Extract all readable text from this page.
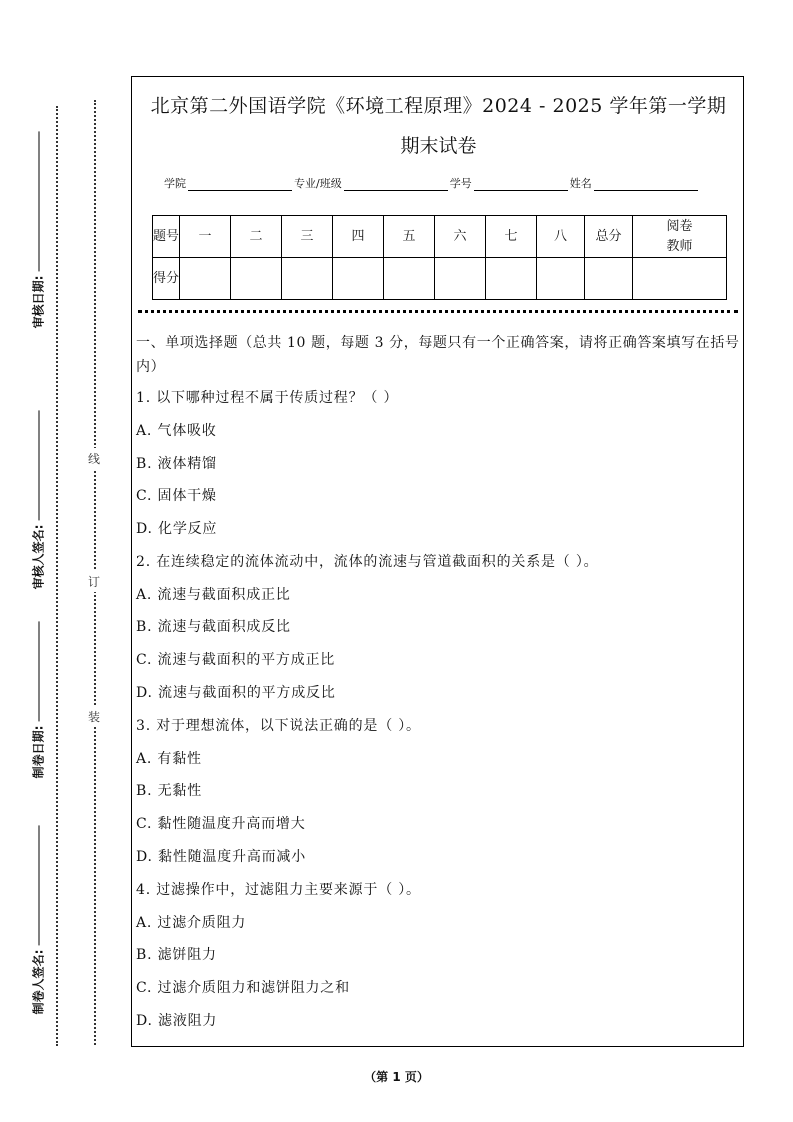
审核日期:
审核人签名:
制卷日期:
制卷人签名:
线
订
装
北京第二外国语学院《环境工程原理》2024 - 2025 学年第一学期
期末试卷
学院	专业/班级	学号	姓名
题号	一	二	三	四	五	六	七	八	总分	阅卷教师
得分										
一、单项选择题（总共 10 题，每题 3 分，每题只有一个正确答案，请将正确答案填写在括号内）
1. 以下哪种过程不属于传质过程？（ ）
A. 气体吸收
B. 液体精馏
C. 固体干燥
D. 化学反应
2. 在连续稳定的流体流动中，流体的流速与管道截面积的关系是（ ）。
A. 流速与截面积成正比
B. 流速与截面积成反比
C. 流速与截面积的平方成正比
D. 流速与截面积的平方成反比
3. 对于理想流体，以下说法正确的是（ ）。
A. 有黏性
B. 无黏性
C. 黏性随温度升高而增大
D. 黏性随温度升高而减小
4. 过滤操作中，过滤阻力主要来源于（ ）。
A. 过滤介质阻力
B. 滤饼阻力
C. 过滤介质阻力和滤饼阻力之和
D. 滤液阻力
（第 1 页）
